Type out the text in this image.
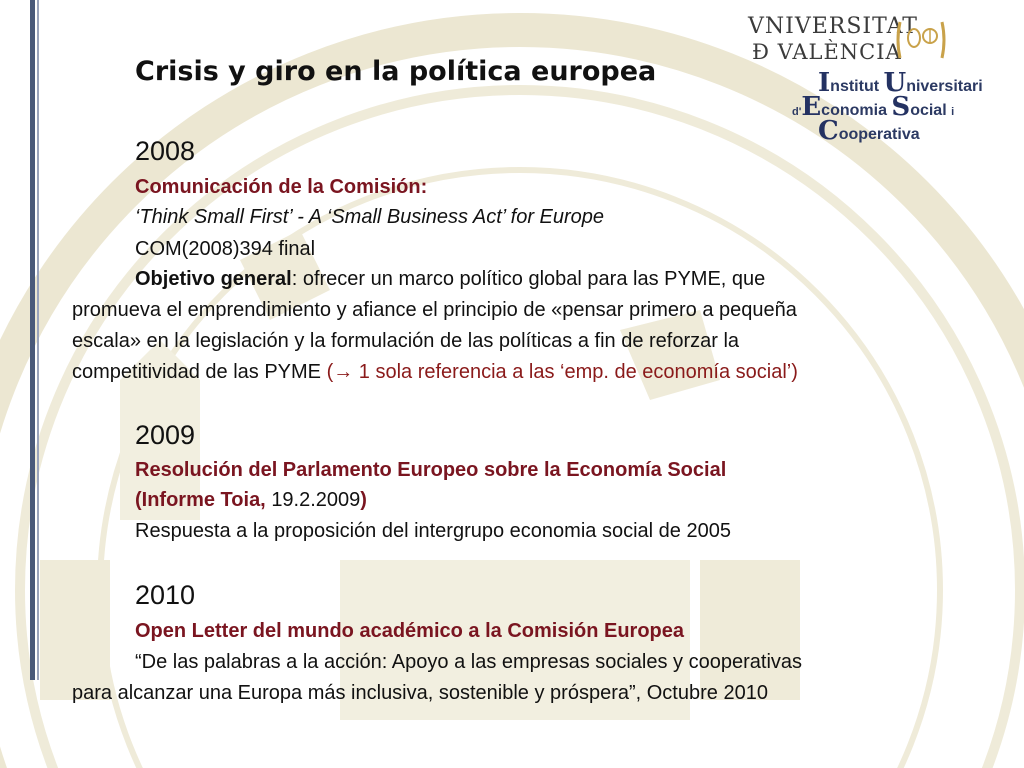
VNIVERSITAT
Ð VALÈNCIA
Institut Universitari
d'Economia Social i
Cooperativa
Crisis y giro en la política europea
2008
Comunicación de la Comisión:
‘Think Small First’ - A ‘Small Business Act’ for Europe
COM(2008)394 final
Objetivo general: ofrecer un marco político global para las PYME, que
promueva el emprendimiento y afiance el principio de «pensar primero a pequeña
escala» en la legislación y la formulación de las políticas a fin de reforzar la
competitividad de las PYME (→ 1 sola referencia a las ‘emp. de economía social’)
2009
Resolución del Parlamento Europeo sobre la Economía Social
(Informe Toia, 19.2.2009)
Respuesta a la proposición del intergrupo economia social de 2005
2010
Open Letter del mundo académico a la Comisión Europea
“De las palabras a la acción: Apoyo a las empresas sociales y cooperativas
para alcanzar una Europa más inclusiva, sostenible y próspera”, Octubre 2010
